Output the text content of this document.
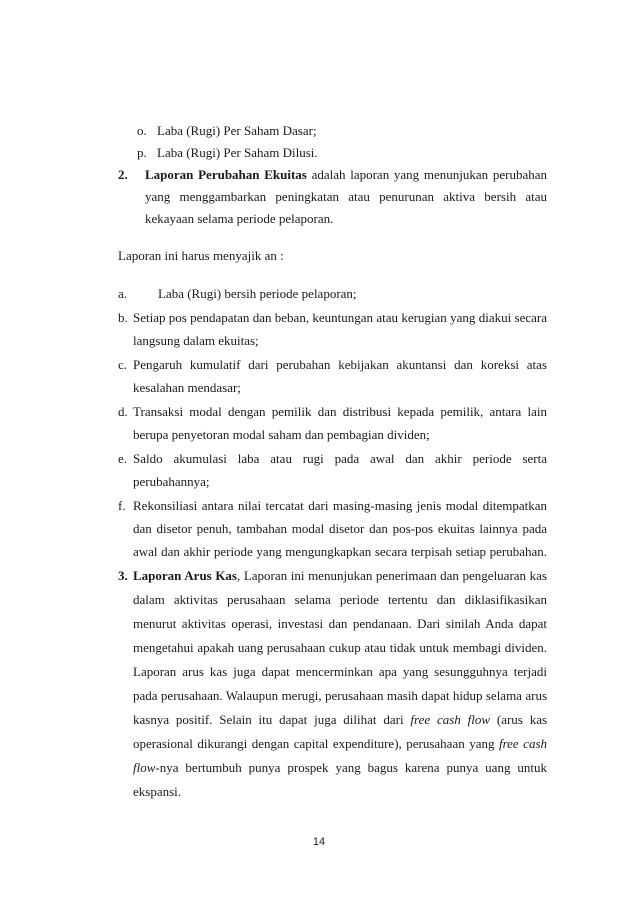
o. Laba (Rugi) Per Saham Dasar;
p. Laba (Rugi) Per Saham Dilusi.
2. Laporan Perubahan Ekuitas adalah laporan yang menunjukan perubahan
yang menggambarkan peningkatan atau penurunan aktiva bersih atau
kekayaan selama periode pelaporan.
Laporan ini harus menyajik an :
a. Laba (Rugi) bersih periode pelaporan;
b. Setiap pos pendapatan dan beban, keuntungan atau kerugian yang diakui secara
langsung dalam ekuitas;
c. Pengaruh kumulatif dari perubahan kebijakan akuntansi dan koreksi atas
kesalahan mendasar;
d. Transaksi modal dengan pemilik dan distribusi kepada pemilik, antara lain
berupa penyetoran modal saham dan pembagian dividen;
e. Saldo akumulasi laba atau rugi pada awal dan akhir periode serta
perubahannya;
f. Rekonsiliasi antara nilai tercatat dari masing-masing jenis modal ditempatkan
dan disetor penuh, tambahan modal disetor dan pos-pos ekuitas lainnya pada
awal dan akhir periode yang mengungkapkan secara terpisah setiap perubahan.
3. Laporan Arus Kas, Laporan ini menunjukan penerimaan dan pengeluaran kas
dalam aktivitas perusahaan selama periode tertentu dan diklasifikasikan
menurut aktivitas operasi, investasi dan pendanaan. Dari sinilah Anda dapat
mengetahui apakah uang perusahaan cukup atau tidak untuk membagi dividen.
Laporan arus kas juga dapat mencerminkan apa yang sesungguhnya terjadi
pada perusahaan. Walaupun merugi, perusahaan masih dapat hidup selama arus
kasnya positif. Selain itu dapat juga dilihat dari free cash flow (arus kas
operasional dikurangi dengan capital expenditure), perusahaan yang free cash
flow-nya bertumbuh punya prospek yang bagus karena punya uang untuk
ekspansi.
14
